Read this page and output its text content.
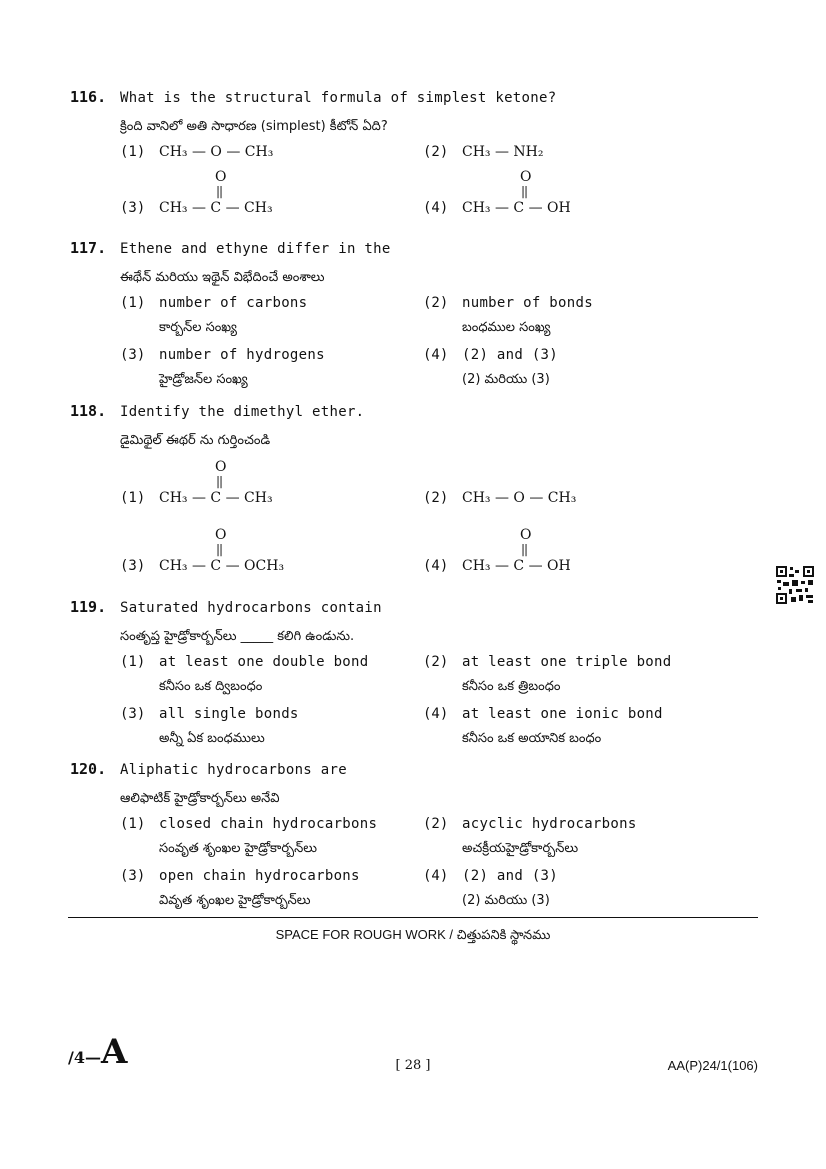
116. What is the structural formula of simplest ketone?
క్రింది వానిలో అతి సాధారణ (simplest) కీటోన్ ఏది?
(1) CH₃ — O — CH₃	(2) CH₃ — NH₂
(3)
O
||
CH₃ — C — CH₃	(4)
O
||
CH₃ — C — OH
117. Ethene and ethyne differ in the
ఈథేన్ మరియు ఇథైన్ విభేదించే అంశాలు
(1) number of carbons
కార్బన్‌ల సంఖ్య
(2) number of bonds
బంధముల సంఖ్య
(3) number of hydrogens
హైడ్రోజన్‌ల సంఖ్య
(4) (2) and (3)
(2) మరియు (3)
118. Identify the dimethyl ether.
డైమిథైల్ ఈథర్ ను గుర్తించండి
(1)
O
||
CH₃ — C — CH₃	(2) CH₃ — O — CH₃
(3)
O
||
CH₃ — C — OCH₃	(4)
O
||
CH₃ — C — OH
119. Saturated hydrocarbons contain
సంతృప్త హైడ్రోకార్బన్‌లు _____ కలిగి ఉండును.
(1) at least one double bond
కనీసం ఒక ద్విబంధం
(2) at least one triple bond
కనీసం ఒక త్రిబంధం
(3) all single bonds
అన్నీ ఏక బంధములు
(4) at least one ionic bond
కనీసం ఒక అయానిక బంధం
120. Aliphatic hydrocarbons are
ఆలిఫాటిక్ హైడ్రోకార్బన్‌లు అనేవి
(1) closed chain hydrocarbons
సంవృత శృంఖల హైడ్రోకార్బన్‌లు
(2) acyclic hydrocarbons
అచక్రీయహైడ్రోకార్బన్‌లు
(3) open chain hydrocarbons
వివృత శృంఖల హైడ్రోకార్బన్‌లు
(4) (2) and (3)
(2) మరియు (3)
SPACE FOR ROUGH WORK / చిత్తుపనికి స్థానము
/4—A	[ 28 ]	AA(P)24/1(106)
